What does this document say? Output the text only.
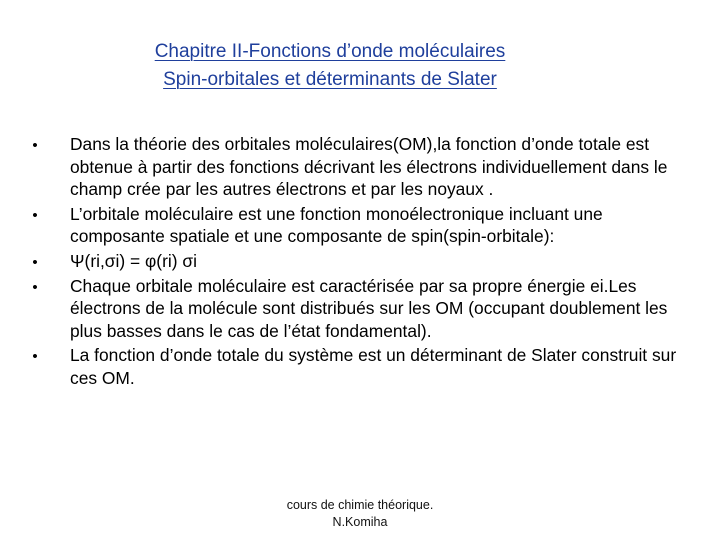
Chapitre II-Fonctions d’onde moléculaires
Spin-orbitales et déterminants de Slater
•
Dans la théorie des orbitales moléculaires(OM),la fonction d’onde totale est obtenue à partir des fonctions décrivant les électrons individuellement dans le champ crée par les autres électrons et par les noyaux .
•
L’orbitale moléculaire est une fonction monoélectronique incluant une composante spatiale et une composante de spin(spin-orbitale):
•
Ψ(ri,σi) = φ(ri) σi
•
Chaque orbitale moléculaire est caractérisée par sa propre énergie ei.Les électrons de la molécule sont distribués sur les OM (occupant doublement les plus basses dans le cas de l’état fondamental).
•
La fonction d’onde totale du système est un déterminant de Slater construit sur ces OM.
cours de chimie théorique.
N.Komiha
